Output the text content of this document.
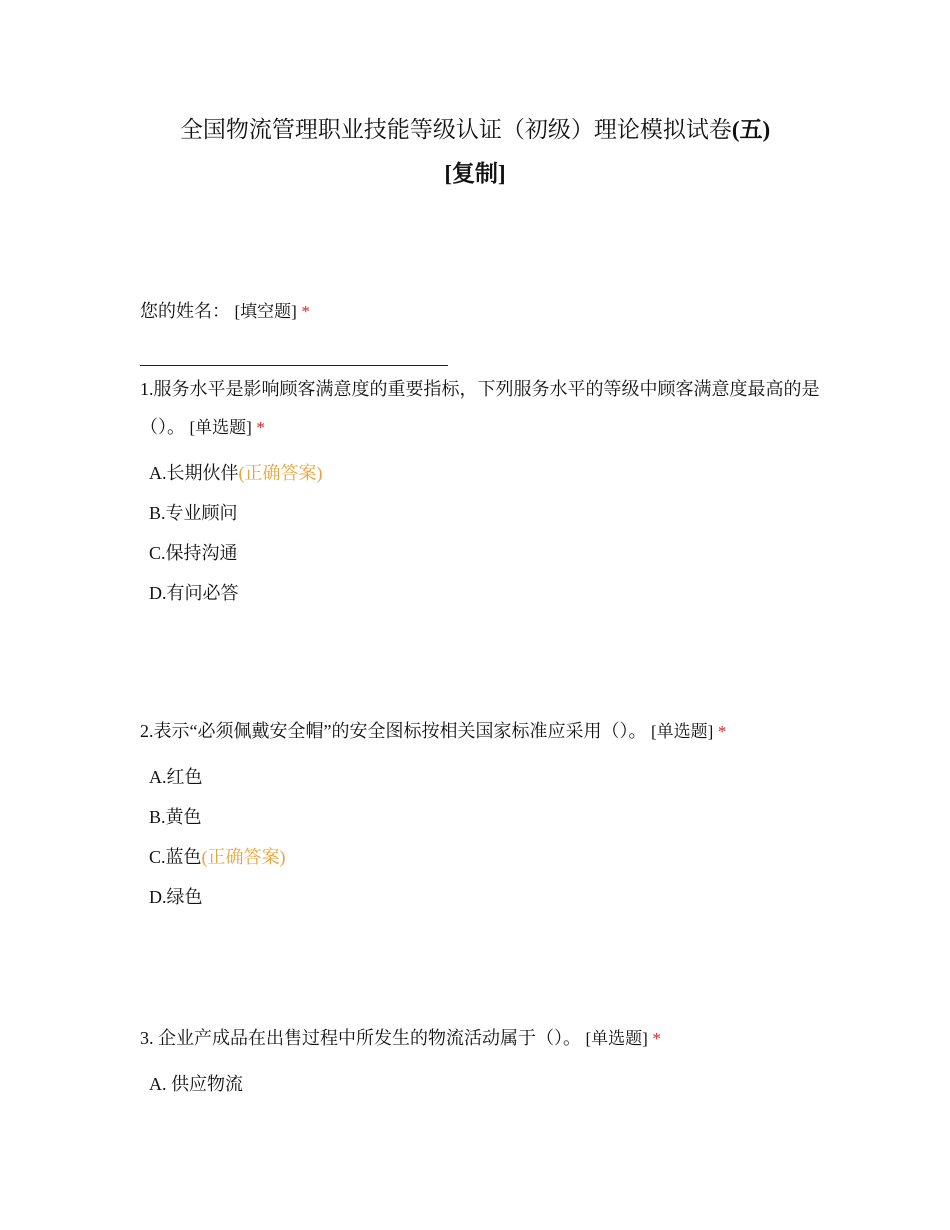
全国物流管理职业技能等级认证（初级）理论模拟试卷(五)
[复制]
您的姓名： [填空题] *
1.服务水平是影响顾客满意度的重要指标，下列服务水平的等级中顾客满意度最高的是（）。 [单选题] *
A.长期伙伴(正确答案)
B.专业顾问
C.保持沟通
D.有问必答
2.表示“必须佩戴安全帽”的安全图标按相关国家标准应采用（）。 [单选题] *
A.红色
B.黄色
C.蓝色(正确答案)
D.绿色
3. 企业产成品在出售过程中所发生的物流活动属于（）。 [单选题] *
A. 供应物流
